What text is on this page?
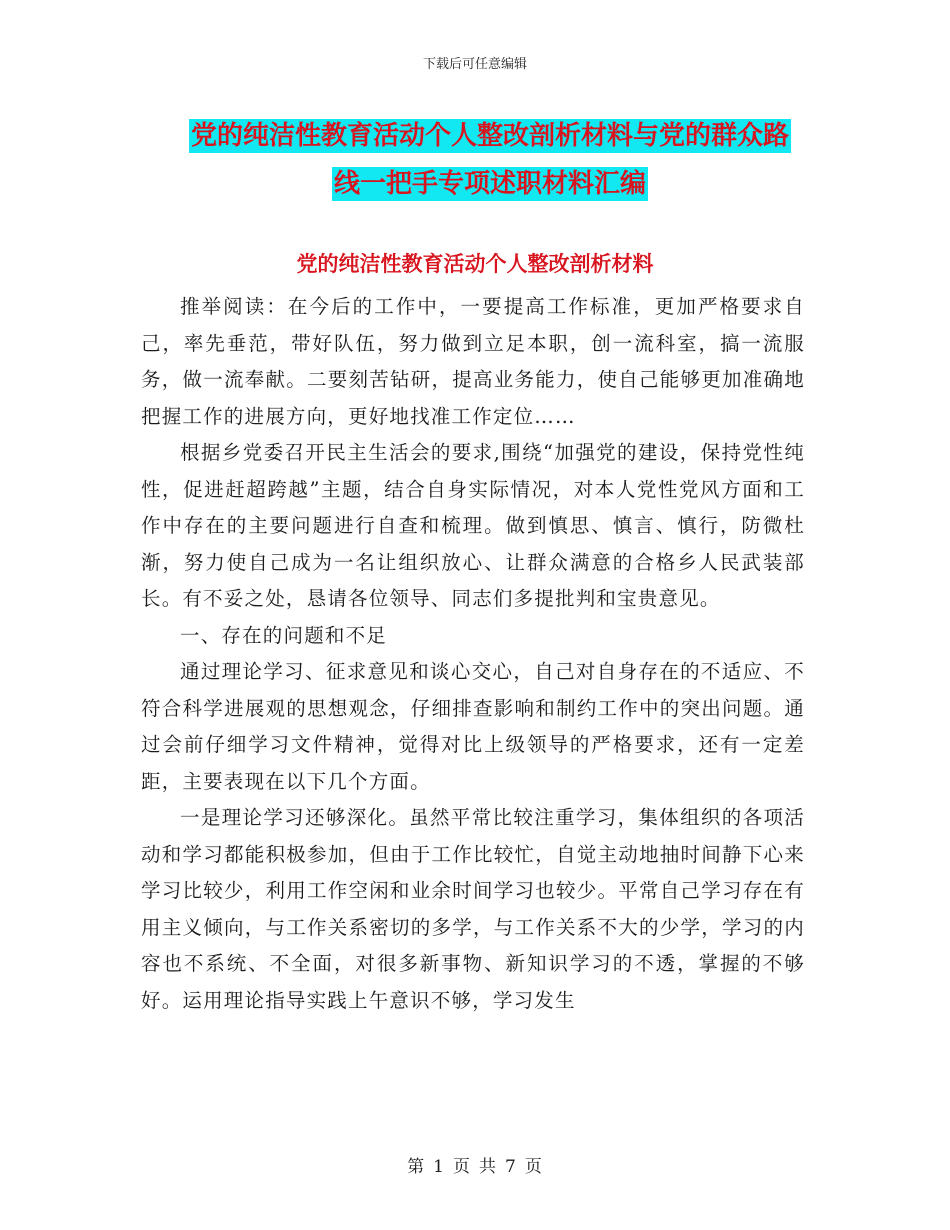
下载后可任意编辑
党的纯洁性教育活动个人整改剖析材料与党的群众路
线一把手专项述职材料汇编
党的纯洁性教育活动个人整改剖析材料

推举阅读：在今后的工作中，一要提高工作标准，更加严格要求自己，率先垂范，带好队伍，努力做到立足本职，创一流科室，搞一流服务，做一流奉献。二要刻苦钻研，提高业务能力，使自己能够更加准确地把握工作的进展方向，更好地找准工作定位……

根据乡党委召开民主生活会的要求,围绕“加强党的建设，保持党性纯性，促进赶超跨越”主题，结合自身实际情况，对本人党性党风方面和工作中存在的主要问题进行自查和梳理。做到慎思、慎言、慎行，防微杜渐，努力使自己成为一名让组织放心、让群众满意的合格乡人民武装部长。有不妥之处，恳请各位领导、同志们多提批判和宝贵意见。

一、存在的问题和不足

通过理论学习、征求意见和谈心交心，自己对自身存在的不适应、不符合科学进展观的思想观念，仔细排查影响和制约工作中的突出问题。通过会前仔细学习文件精神，觉得对比上级领导的严格要求，还有一定差距，主要表现在以下几个方面。

一是理论学习还够深化。虽然平常比较注重学习，集体组织的各项活动和学习都能积极参加，但由于工作比较忙，自觉主动地抽时间静下心来学习比较少，利用工作空闲和业余时间学习也较少。平常自己学习存在有用主义倾向，与工作关系密切的多学，与工作关系不大的少学，学习的内容也不系统、不全面，对很多新事物、新知识学习的不透，掌握的不够好。运用理论指导实践上午意识不够，学习发生

第 1 页 共 7 页
